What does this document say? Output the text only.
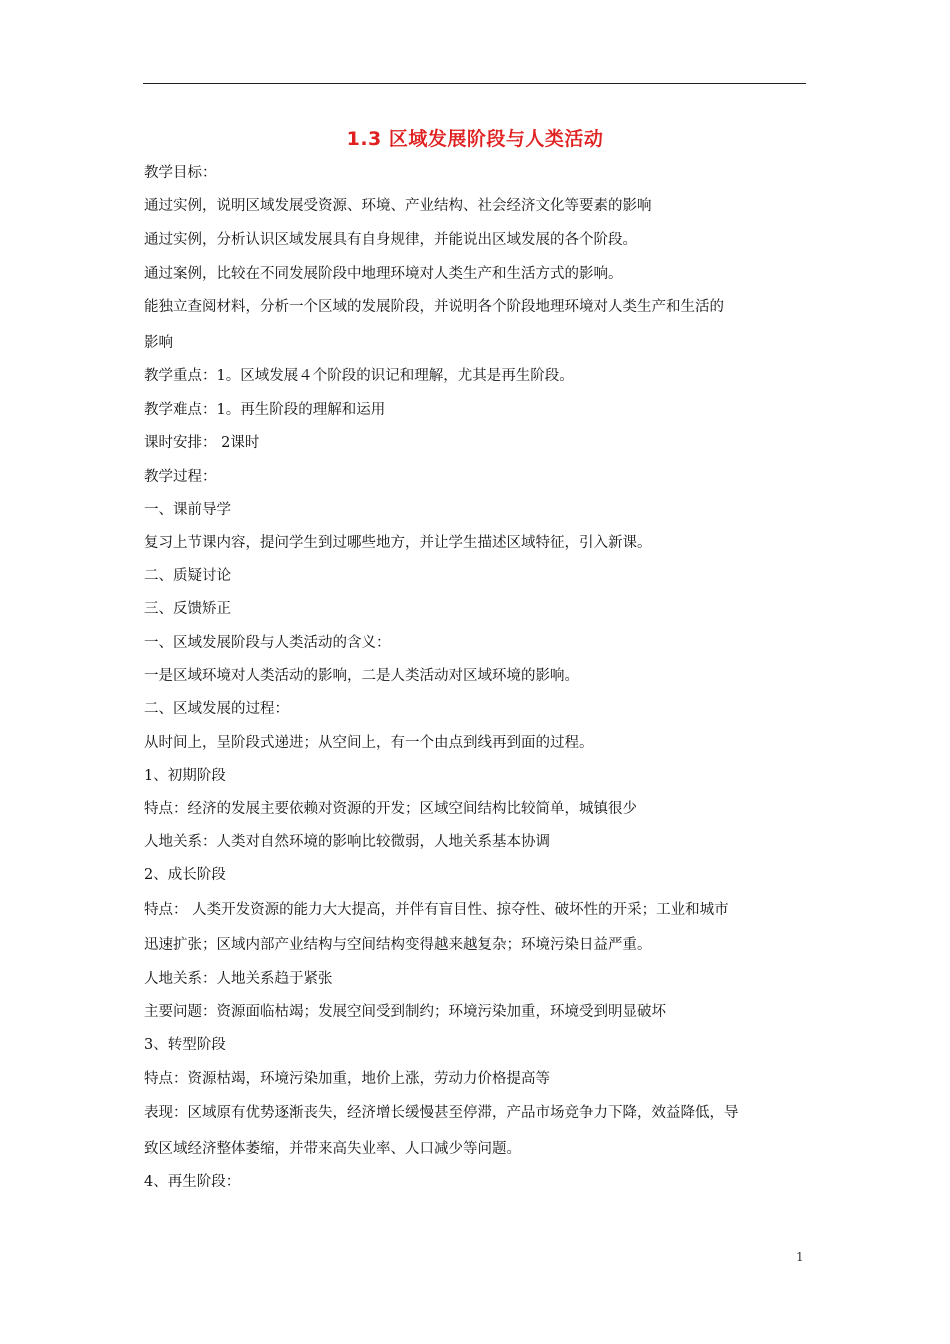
1.3 区域发展阶段与人类活动
教学目标：
通过实例，说明区域发展受资源、环境、产业结构、社会经济文化等要素的影响
通过实例，分析认识区域发展具有自身规律，并能说出区域发展的各个阶段。
通过案例，比较在不同发展阶段中地理环境对人类生产和生活方式的影响。
能独立查阅材料，分析一个区域的发展阶段，并说明各个阶段地理环境对人类生产和生活的
影响
教学重点：1。区域发展４个阶段的识记和理解，尤其是再生阶段。
教学难点：1。再生阶段的理解和运用
课时安排： 2课时
教学过程：
一、课前导学
复习上节课内容，提问学生到过哪些地方，并让学生描述区域特征，引入新课。
二、质疑讨论
三、反馈矫正
一、区域发展阶段与人类活动的含义：
一是区域环境对人类活动的影响，二是人类活动对区域环境的影响。
二、区域发展的过程：
从时间上，呈阶段式递进；从空间上，有一个由点到线再到面的过程。
1、初期阶段
特点：经济的发展主要依赖对资源的开发；区域空间结构比较简单，城镇很少
人地关系：人类对自然环境的影响比较微弱，人地关系基本协调
2、成长阶段
特点： 人类开发资源的能力大大提高，并伴有盲目性、掠夺性、破坏性的开采；工业和城市
迅速扩张；区域内部产业结构与空间结构变得越来越复杂；环境污染日益严重。
人地关系：人地关系趋于紧张
主要问题：资源面临枯竭；发展空间受到制约；环境污染加重，环境受到明显破坏
3、转型阶段
特点：资源枯竭，环境污染加重，地价上涨，劳动力价格提高等
表现：区域原有优势逐渐丧失，经济增长缓慢甚至停滞，产品市场竞争力下降，效益降低，导
致区域经济整体萎缩，并带来高失业率、人口减少等问题。
4、再生阶段：
1
